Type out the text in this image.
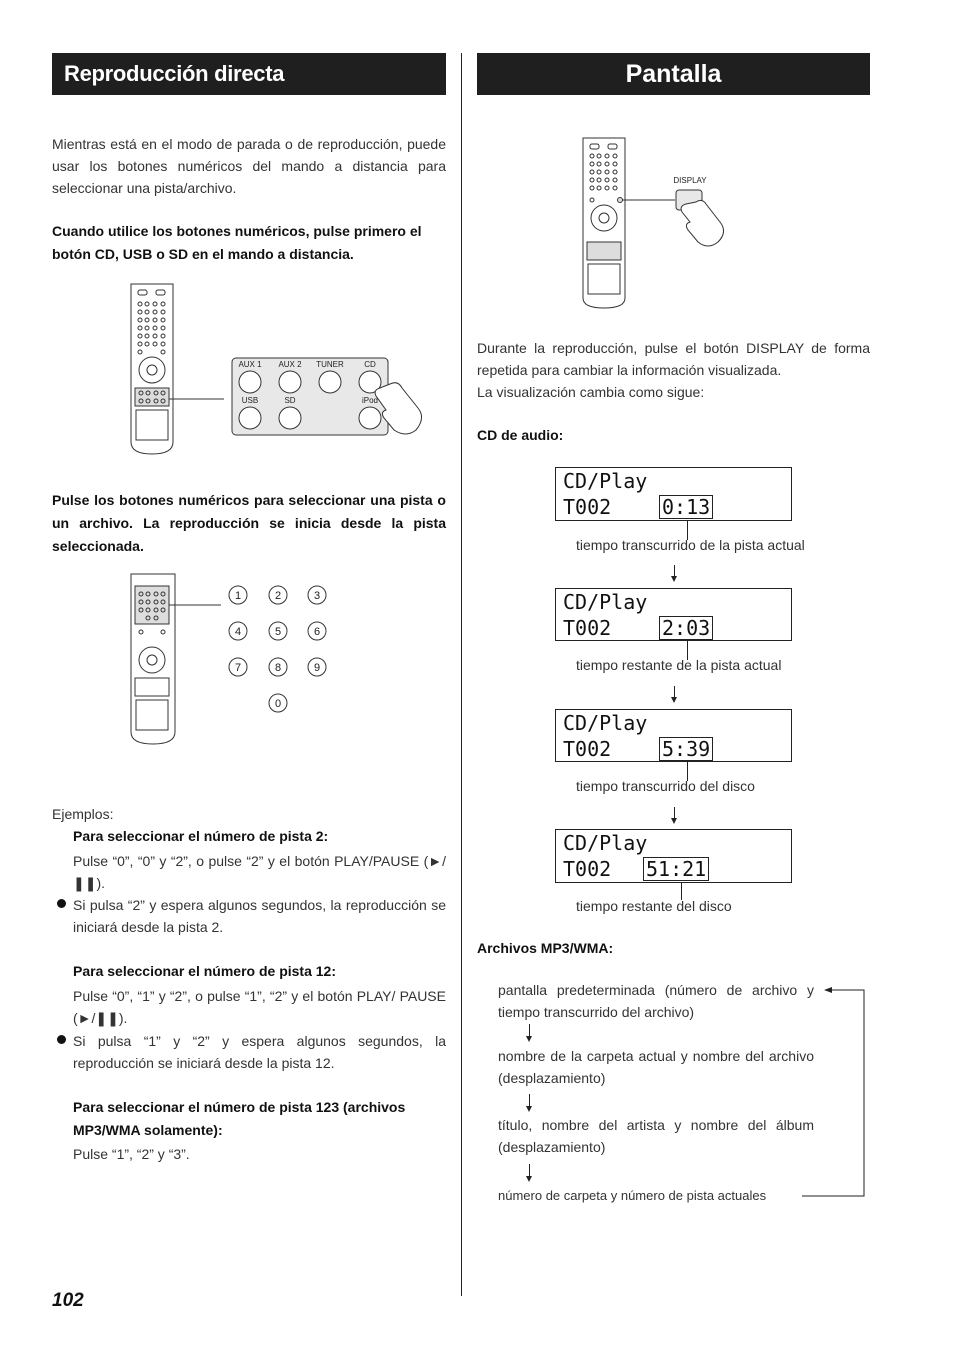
Reproducción directa (disco/USB/SD)
Pantalla
Mientras está en el modo de parada o de reproducción, puede usar los botones numéricos del mando a distancia para seleccionar una pista/archivo.
Cuando utilice los botones numéricos, pulse primero el botón CD, USB o SD en el mando a distancia.
AUX 1 AUX 2 TUNER	CD
USB	SD	iPod
Pulse los botones numéricos para seleccionar una pista o un archivo. La reproducción se inicia desde la pista seleccionada.
1	2	3
4	5	6
7	8	9
0
Ejemplos:
Para seleccionar el número de pista 2:
Pulse “0”, “0” y “2”, o pulse “2” y el botón PLAY/PAUSE (►/❚❚).
Si pulsa “2” y espera algunos segundos, la reproducción se iniciará desde la pista 2.
Para seleccionar el número de pista 12:
Pulse “0”, “1” y “2”, o pulse “1”, “2” y el botón PLAY/ PAUSE (►/❚❚).
Si pulsa “1” y “2” y espera algunos segundos, la reproducción se iniciará desde la pista 12.
Para seleccionar el número de pista 123 (archivos MP3/WMA solamente):
Pulse “1”, “2” y “3”.
DISPLAY
Durante la reproducción, pulse el botón DISPLAY de forma repetida para cambiar la información visualizada.
La visualización cambia como sigue:
CD de audio:
CD/Play
T002	0:13
tiempo transcurrido de la pista actual
CD/Play
T002	2:03
tiempo restante de la pista actual
CD/Play
T002	5:39
tiempo transcurrido del disco
CD/Play
T002 51:21
tiempo restante del disco
Archivos MP3/WMA:
pantalla predeterminada (número de archivo y tiempo transcurrido del archivo)
nombre de la carpeta actual y nombre del archivo (desplazamiento)
título, nombre del artista y nombre del álbum (desplazamiento)
número de carpeta y número de pista actuales
102
